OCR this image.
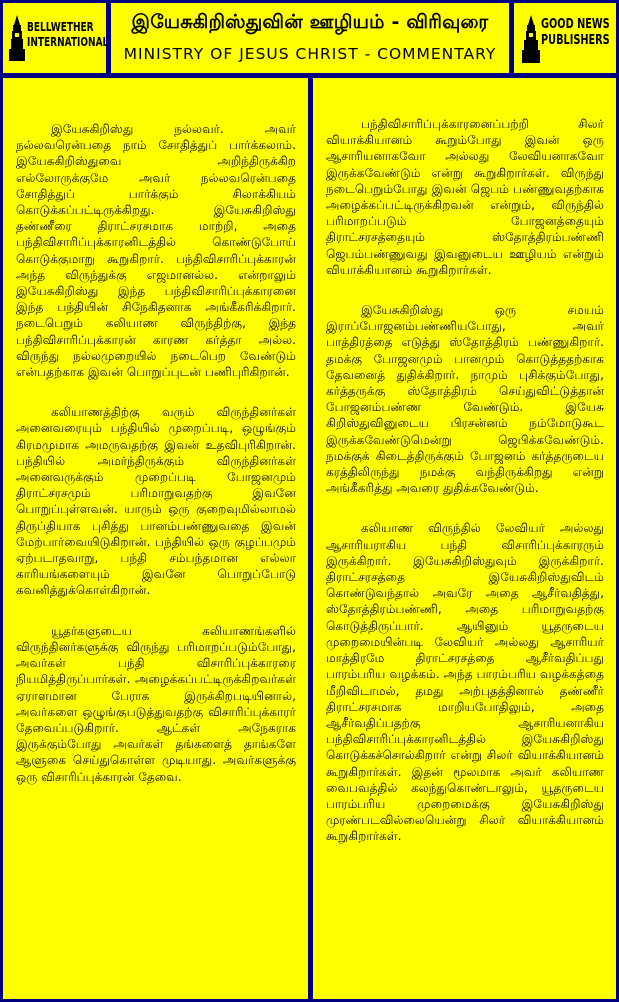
BELLWETHER
INTERNATIONAL
இயேசுகிறிஸ்துவின் ஊழியம் - விரிவுரை
MINISTRY OF JESUS CHRIST - COMMENTARY
GOOD NEWS
PUBLISHERS

இயேசுகிறிஸ்து நல்லவர். அவர் நல்லவரென்பதை நாம் சோதித்துப் பார்க்கலாம். இயேசுகிறிஸ்துவை அறிந்திருக்கிற எல்லோருக்குமே அவர் நல்லவரென்பதை சோதித்துப் பார்க்கும் சிலாக்கியம் கொடுக்கப்பட்டிருக்கிறது. இயேசுகிறிஸ்து தண்ணீரை திராட்சரசமாக மாற்றி, அதை பந்திவிசாரிப்புக்காரனிடத்தில் கொண்டுபோய் கொடுக்குமாறு கூறுகிறார். பந்திவிசாரிப்புக்காரன் அந்த விருந்துக்கு எஜமானல்ல. என்றாலும் இயேசுகிறிஸ்து இந்த பந்திவிசாரிப்புக்காரனை இந்த பந்தியின் சிநேகிதனாக அங்கீகரிக்கிறார். நடைபெறும் கலியாண விருந்திற்கு, இந்த பந்திவிசாரிப்புக்காரன் காரண கர்த்தா அல்ல. விருந்து நல்லமுறையில் நடைபெற வேண்டும் என்பதற்காக இவன் பொறுப்புடன் பணிபுரிகிறான்.

கலியாணத்திற்கு வரும் விருந்தினர்கள் அனைவரையும் பந்தியில் முறைப்படி, ஒழுங்கும் கிரமமுமாக அமருவதற்கு இவன் உதவிபுரிகிறான். பந்தியில் அமர்ந்திருக்கும் விருந்தினர்கள் அனைவருக்கும் முறைப்படி போஜனமும் திராட்சரசமும் பரிமாறுவதற்கு இவனே பொறுப்புள்ளவன். யாரும் ஒரு குறைவுமில்லாமல் திருப்தியாக புசித்து பானம்பண்ணுவதை இவன் மேற்பார்வையிடுகிறான். பந்தியில் ஒரு குழப்பமும் ஏற்படாதவாறு, பந்தி சம்பந்தமான எல்லா காரியங்களையும் இவனே பொறுப்போடு கவனித்துக்கொள்கிறான்.

யூதர்களுடைய கலியாணங்களில் விருந்தினர்களுக்கு விருந்து பரிமாறப்படும்போது, அவர்கள் பந்தி விசாரிப்புக்காரரை நியமித்திருப்பார்கள். அழைக்கப்பட்டிருக்கிறவர்கள் ஏராளமான பேராக இருக்கிறபடியினால், அவர்களை ஒழுங்குபடுத்துவதற்கு விசாரிப்புக்காரர் தேவைப்படுகிறார். ஆட்கள் அநேகராக இருக்கும்போது அவர்கள் தங்களைத் தாங்களே ஆளுகை செய்துகொள்ள முடியாது. அவர்களுக்கு ஒரு விசாரிப்புக்காரன் தேவை.

பந்திவிசாரிப்புக்காரனைப்பற்றி சிலர் வியாக்கியானம் கூறும்போது இவன் ஒரு ஆசாரியனாகவோ அல்லது லேவியனாகவோ இருக்கவேண்டும் என்று கூறுகிறார்கள். விருந்து நடைபெறும்போது இவன் ஜெபம் பண்ணுவதற்காக அழைக்கப்பட்டிருக்கிறவன் என்றும், விருந்தில் பரிமாறப்படும் போஜனத்தையும் திராட்சரசத்தையும் ஸ்தோத்திரம்பண்ணி ஜெபம்பண்ணுவது இவனுடைய ஊழியம் என்றும் வியாக்கியானம் கூறுகிறார்கள்.

இயேசுகிறிஸ்து ஒரு சமயம் இராப்போஜனம்பண்ணியபோது, அவர் பாத்திரத்தை எடுத்து ஸ்தோத்திரம் பண்ணுகிறார். தமக்கு போஜனமும் பானமும் கொடுத்ததற்காக தேவனைத் துதிக்கிறார். நாமும் புசிக்கும்போது, கர்த்தருக்கு ஸ்தோத்திரம் செய்துவிட்டுத்தான் போஜனம்பண்ண வேண்டும். இயேசு கிறிஸ்துவினுடைய பிரசன்னம் நம்மோடுகூட இருக்கவேண்டுமென்று ஜெபிக்கவேண்டும். நமக்குக் கிடைத்திருக்கும் போஜனம் கர்த்தருடைய கரத்திலிருந்து நமக்கு வந்திருக்கிறது என்று அங்கீகரித்து அவரை துதிக்கவேண்டும்.

கலியாண விருந்தில் லேவியர் அல்லது ஆசாரியராகிய பந்தி விசாரிப்புக்காரரும் இருக்கிறார். இயேசுகிறிஸ்துவும் இருக்கிறார். திராட்சரசத்தை இயேசுகிறிஸ்துவிடம் கொண்டுவந்தால் அவரே அதை ஆசீர்வதித்து, ஸ்தோத்திரம்பண்ணி, அதை பரிமாறுவதற்கு கொடுத்திருப்பார். ஆயினும் யூதருடைய முறைமையின்படி லேவியர் அல்லது ஆசாரியர் மாத்திரமே திராட்சரசத்தை ஆசீர்வதிப்பது பாரம்பரிய வழக்கம். அந்த பாரம்பரிய வழக்கத்தை மீறிவிடாமல், தமது அற்புதத்தினால் தண்ணீர் திராட்சரசமாக மாறியபோதிலும், அதை ஆசீர்வதிப்பதற்கு ஆசாரியனாகிய பந்திவிசாரிப்புக்காரனிடத்தில் இயேசுகிறிஸ்து கொடுக்கச்சொல்கிறார் என்று சிலர் வியாக்கியானம் கூறுகிறார்கள். இதன் மூலமாக அவர் கலியாண வைபவத்தில் கலந்துகொண்டாலும், யூதருடைய பாரம்பரிய முறைமைக்கு இயேசுகிறிஸ்து முரண்படவில்லையென்று சிலர் வியாக்கியானம் கூறுகிறார்கள்.
